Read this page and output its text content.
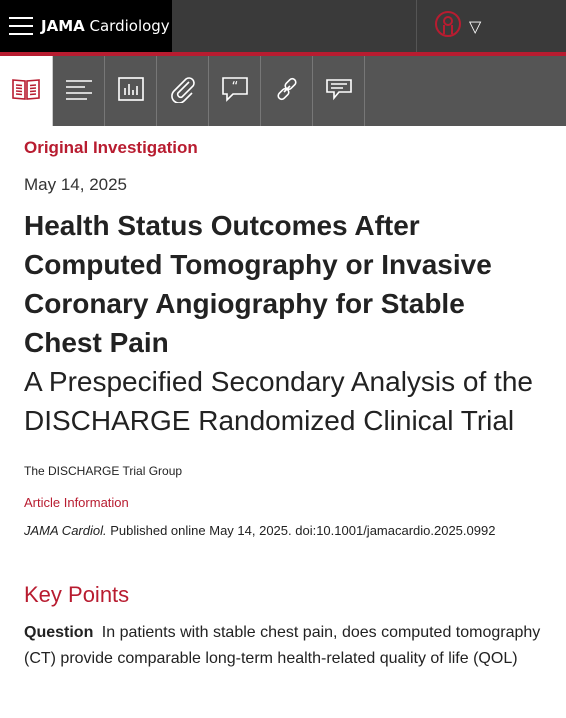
JAMA Cardiology	▽
“
Original Investigation
May 14, 2025
Health Status Outcomes After Computed Tomography or Invasive Coronary Angiography for Stable Chest Pain
A Prespecified Secondary Analysis of the DISCHARGE Randomized Clinical Trial
The DISCHARGE Trial Group
Article Information
JAMA Cardiol. Published online May 14, 2025. doi:10.1001/jamacardio.2025.0992
Key Points
Question In patients with stable chest pain, does computed tomography (CT) provide comparable long-term health-related quality of life (QOL)
